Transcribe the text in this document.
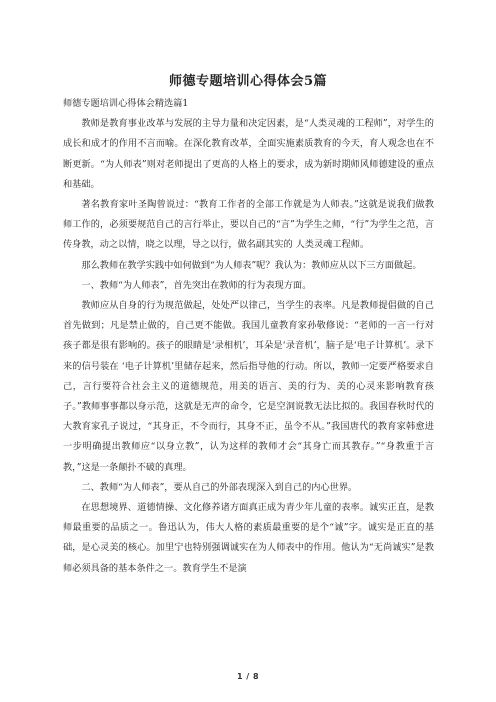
师德专题培训心得体会5篇

师德专题培训心得体会精选篇1

教师是教育事业改革与发展的主导力量和决定因素，是“人类灵魂的工程师”，对学生的成长和成才的作用不言而喻。在深化教育改革，全面实施素质教育的今天，育人观念也在不断更新。“为人师表”则对老师提出了更高的人格上的要求，成为新时期师风师德建设的重点和基础。

著名教育家叶圣陶曾说过：“教育工作者的全部工作就是为人师表。”这就是说我们做教师工作的，必须要规范自己的言行举止，要以自己的“言”为学生之师，“行”为学生之范，言传身教，动之以情，晓之以理，导之以行，做名副其实的 人类灵魂工程师。

那么教师在教学实践中如何做到“为人师表”呢？我认为：教师应从以下三方面做起。

一、教师“为人师表”，首先突出在教师的行为表现方面。

教师应从自身的行为规范做起，处处严以律己，当学生的表率。凡是教师提倡做的自己首先做到；凡是禁止做的，自己更不能做。我国儿童教育家孙敬修说：“老师的一言一行对孩子都是很有影响的。孩子的眼睛是‘录相机’，耳朵是‘录音机’，脑子是‘电子计算机’。录下来的信号装在 ‘电子计算机’里储存起来，然后指导他的行动。所以，教师一定要严格要求自己，言行要符合社会主义的道德规范，用美的语言、美的行为、美的心灵来影响教育孩子。”教师事事都以身示范，这就是无声的命令，它是空洞说教无法比拟的。我国春秋时代的大教育家孔子说过，“其身正，不令而行，其身不正，虽令不从。”我国唐代的教育家韩愈进一步明确提出教师应“以身立教”，认为这样的教师才会“其身亡而其教存。”“身教重于言教，”这是一条颠扑不破的真理。

二、教师“为人师表”，要从自己的外部表现深入到自己的内心世界。

在思想境界、道德情操、文化修养诸方面真正成为青少年儿童的表率。诚实正直，是教师最重要的品质之一。鲁迅认为，伟大人格的素质最重要的是个“诚”字。诚实是正直的基础，是心灵美的核心。加里宁也特别强调诚实在为人师表中的作用。他认为“无尚诚实”是教师必须具备的基本条件之一。教育学生不是演

1 / 8
